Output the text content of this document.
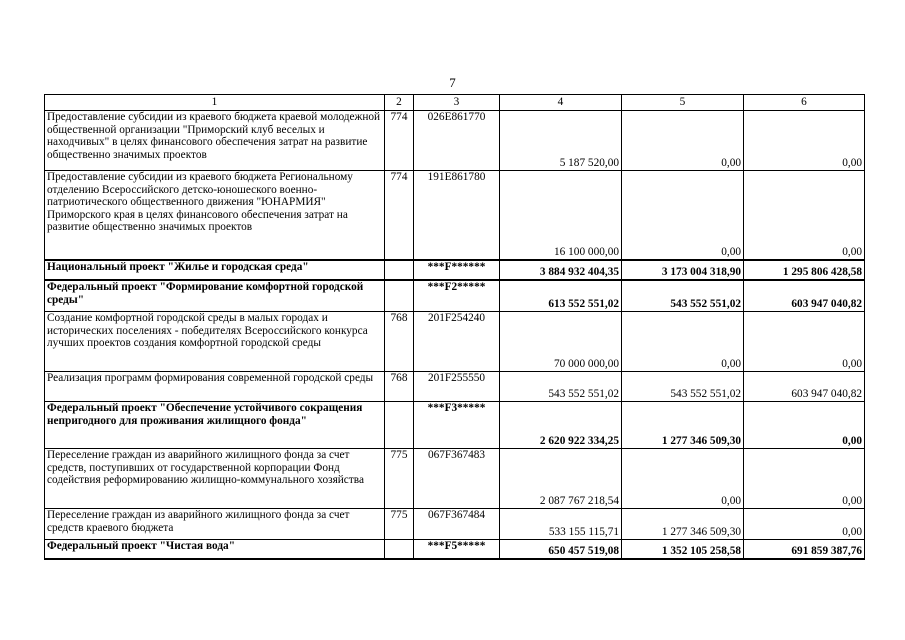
7
1	2	3	4	5	6
Предоставление субсидии из краевого бюджета краевой молодежной общественной организации "Приморский клуб веселых и находчивых" в целях финансового обеспечения затрат на развитие общественно значимых проектов	774	026E861770	5 187 520,00	0,00	0,00
Предоставление субсидии из краевого бюджета Региональному отделению Всероссийского детско-юношеского военно-патриотического общественного движения "ЮНАРМИЯ" Приморского края в целях финансового обеспечения затрат на развитие общественно значимых проектов	774	191E861780	16 100 000,00	0,00	0,00
Национальный проект "Жилье и городская среда"		***F******	3 884 932 404,35	3 173 004 318,90	1 295 806 428,58
Федеральный проект "Формирование комфортной городской среды"		***F2*****	613 552 551,02	543 552 551,02	603 947 040,82
Создание комфортной городской среды в малых городах и исторических поселениях - победителях Всероссийского конкурса лучших проектов создания комфортной городской среды	768	201F254240	70 000 000,00	0,00	0,00
Реализация программ формирования современной городской среды	768	201F255550	543 552 551,02	543 552 551,02	603 947 040,82
Федеральный проект "Обеспечение устойчивого сокращения непригодного для проживания жилищного фонда"		***F3*****	2 620 922 334,25	1 277 346 509,30	0,00
Переселение граждан из аварийного жилищного фонда за счет средств, поступивших от государственной корпорации Фонд содействия реформированию жилищно-коммунального хозяйства	775	067F367483	2 087 767 218,54	0,00	0,00
Переселение граждан из аварийного жилищного фонда за счет средств краевого бюджета	775	067F367484	533 155 115,71	1 277 346 509,30	0,00
Федеральный проект "Чистая вода"		***F5*****	650 457 519,08	1 352 105 258,58	691 859 387,76
